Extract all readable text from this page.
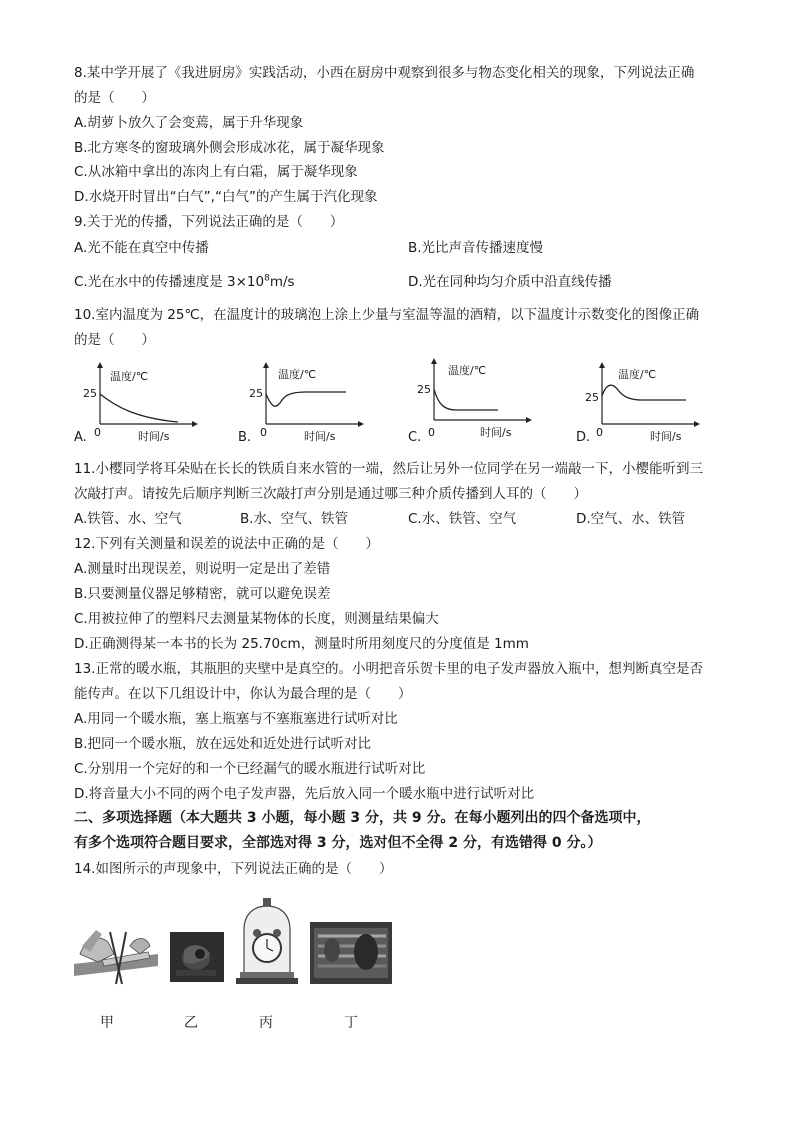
8.某中学开展了《我进厨房》实践活动，小西在厨房中观察到很多与物态变化相关的现象，下列说法正确
的是（　　）
A.胡萝卜放久了会变蔫，属于升华现象
B.北方寒冬的窗玻璃外侧会形成冰花，属于凝华现象
C.从冰箱中拿出的冻肉上有白霜，属于凝华现象
D.水烧开时冒出“白气”,“白气”的产生属于汽化现象
9.关于光的传播，下列说法正确的是（　　）
A.光不能在真空中传播	B.光比声音传播速度慢
C.光在水中的传播速度是 $3\times 10^8m/s$	D.光在同种均匀介质中沿直线传播
10.室内温度为 25℃，在温度计的玻璃泡上涂上少量与室温等温的酒精，以下温度计示数变化的图像正确
的是（　　）
A.
温度/℃
25
0	时间/s	B.
温度/℃
25
0	时间/s	C.
温度/℃
25
0	时间/s	D.
温度/℃
25
0	时间/s
11.小樱同学将耳朵贴在长长的铁质自来水管的一端，然后让另外一位同学在另一端敲一下，小樱能听到三
次敲打声。请按先后顺序判断三次敲打声分别是通过哪三种介质传播到人耳的（　　）
A.铁管、水、空气	B.水、空气、铁管	C.水、铁管、空气	D.空气、水、铁管
12.下列有关测量和误差的说法中正确的是（　　）
A.测量时出现误差，则说明一定是出了差错
B.只要测量仪器足够精密，就可以避免误差
C.用被拉伸了的塑料尺去测量某物体的长度，则测量结果偏大
D.正确测得某一本书的长为 25.70cm，测量时所用刻度尺的分度值是 1mm
13.正常的暖水瓶，其瓶胆的夹壁中是真空的。小明把音乐贺卡里的电子发声器放入瓶中，想判断真空是否
能传声。在以下几组设计中，你认为最合理的是（　　）
A.用同一个暖水瓶，塞上瓶塞与不塞瓶塞进行试听对比
B.把同一个暖水瓶，放在远处和近处进行试听对比
C.分别用一个完好的和一个已经漏气的暖水瓶进行试听对比
D.将音量大小不同的两个电子发声器，先后放入同一个暖水瓶中进行试听对比
二、多项选择题（本大题共 3 小题，每小题 3 分，共 9 分。在每小题列出的四个备选项中，
有多个选项符合题目要求，全部选对得 3 分，选对但不全得 2 分，有选错得 0 分。）
14.如图所示的声现象中，下列说法正确的是（　　）
甲	乙	丙	丁
